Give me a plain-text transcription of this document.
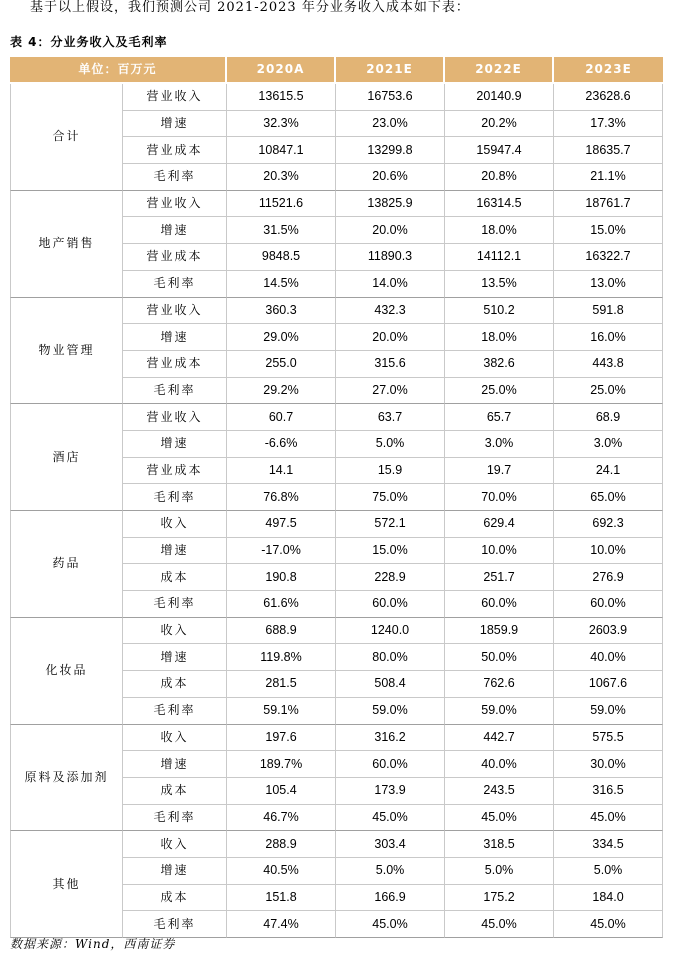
基于以上假设，我们预测公司 2021-2023 年分业务收入成本如下表：
表 4：分业务收入及毛利率
单位：百万元		2020A	2021E	2022E	2023E
合计	营业收入	13615.5	16753.6	20140.9	23628.6
	增速	32.3%	23.0%	20.2%	17.3%
	营业成本	10847.1	13299.8	15947.4	18635.7
	毛利率	20.3%	20.6%	20.8%	21.1%
地产销售	营业收入	11521.6	13825.9	16314.5	18761.7
	增速	31.5%	20.0%	18.0%	15.0%
	营业成本	9848.5	11890.3	14112.1	16322.7
	毛利率	14.5%	14.0%	13.5%	13.0%
物业管理	营业收入	360.3	432.3	510.2	591.8
	增速	29.0%	20.0%	18.0%	16.0%
	营业成本	255.0	315.6	382.6	443.8
	毛利率	29.2%	27.0%	25.0%	25.0%
酒店	营业收入	60.7	63.7	65.7	68.9
	增速	-6.6%	5.0%	3.0%	3.0%
	营业成本	14.1	15.9	19.7	24.1
	毛利率	76.8%	75.0%	70.0%	65.0%
药品	收入	497.5	572.1	629.4	692.3
	增速	-17.0%	15.0%	10.0%	10.0%
	成本	190.8	228.9	251.7	276.9
	毛利率	61.6%	60.0%	60.0%	60.0%
化妆品	收入	688.9	1240.0	1859.9	2603.9
	增速	119.8%	80.0%	50.0%	40.0%
	成本	281.5	508.4	762.6	1067.6
	毛利率	59.1%	59.0%	59.0%	59.0%
原料及添加剂	收入	197.6	316.2	442.7	575.5
	增速	189.7%	60.0%	40.0%	30.0%
	成本	105.4	173.9	243.5	316.5
	毛利率	46.7%	45.0%	45.0%	45.0%
其他	收入	288.9	303.4	318.5	334.5
	增速	40.5%	5.0%	5.0%	5.0%
	成本	151.8	166.9	175.2	184.0
	毛利率	47.4%	45.0%	45.0%	45.0%
数据来源：Wind，西南证券
